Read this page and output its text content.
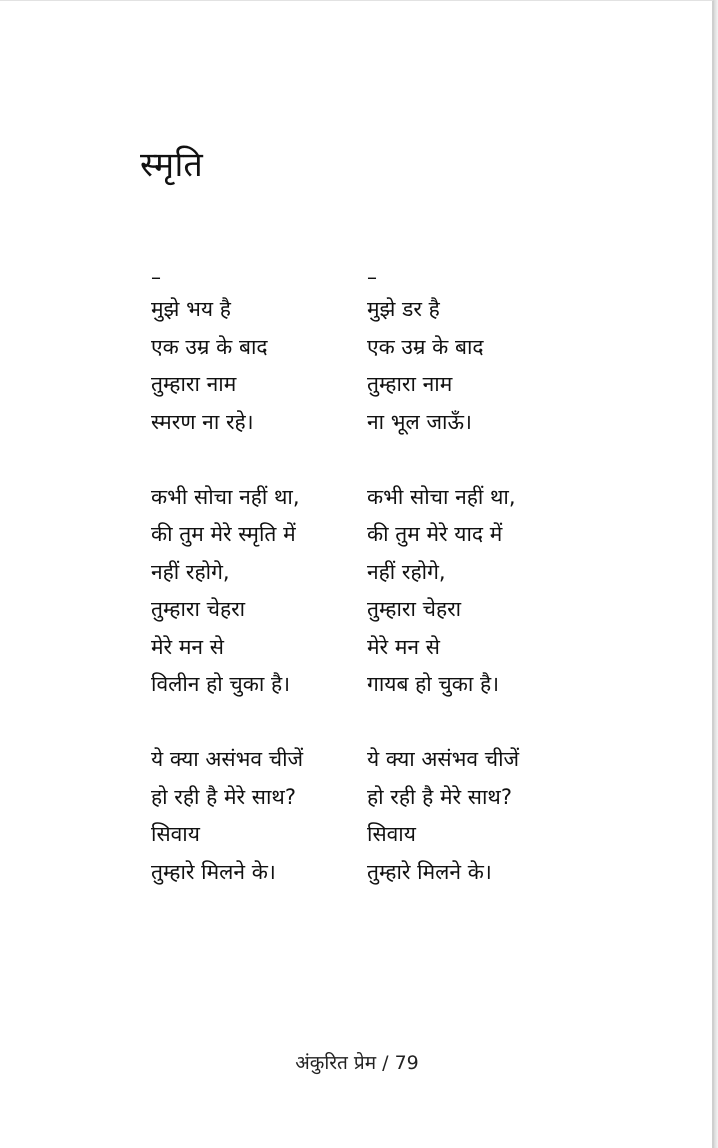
स्मृति
–
मुझे भय है
एक उम्र के बाद
तुम्हारा नाम
स्मरण ना रहे।
कभी सोचा नहीं था,
की तुम मेरे स्मृति में
नहीं रहोगे,
तुम्हारा चेहरा
मेरे मन से
विलीन हो चुका है।
ये क्या असंभव चीजें
हो रही है मेरे साथ?
सिवाय
तुम्हारे मिलने के।
–
मुझे डर है
एक उम्र के बाद
तुम्हारा नाम
ना भूल जाऊँ।
कभी सोचा नहीं था,
की तुम मेरे याद में
नहीं रहोगे,
तुम्हारा चेहरा
मेरे मन से
गायब हो चुका है।
ये क्या असंभव चीजें
हो रही है मेरे साथ?
सिवाय
तुम्हारे मिलने के।
अंकुरित प्रेम / 79
